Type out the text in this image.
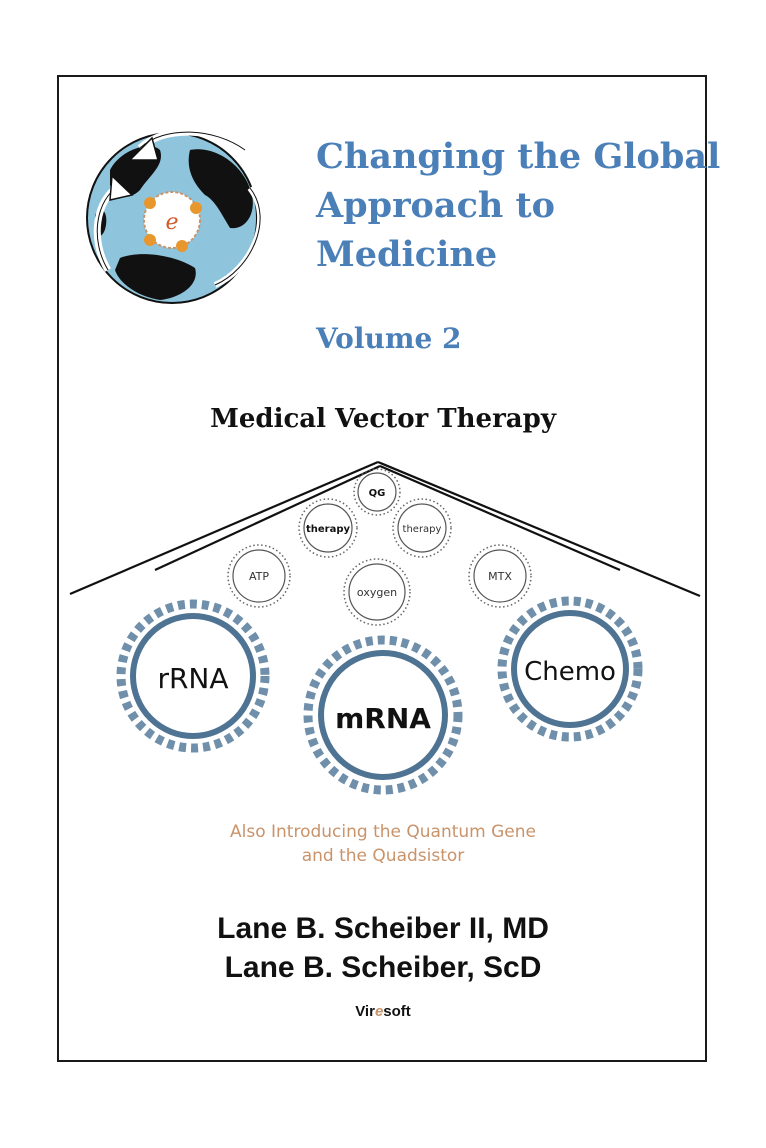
e
QG
therapy	therapy
ATP
oxygen
MTX
rRNA
mRNA
Chemo
Changing the Global Approach to Medicine
Volume 2
Medical Vector Therapy
Also Introducing the Quantum Gene
and the Quadsistor
Lane B. Scheiber II, MD
Lane B. Scheiber, ScD
Viresoft
